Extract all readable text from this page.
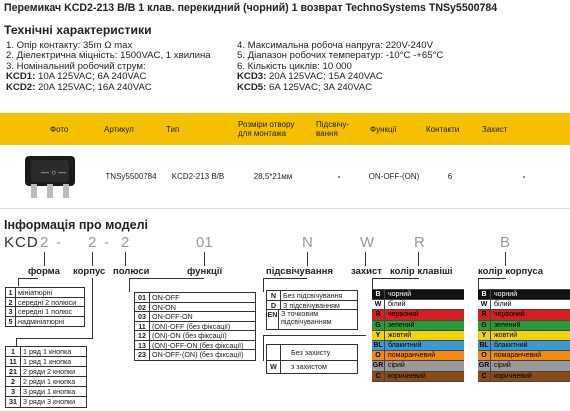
Перемикач KCD2-213 B/B 1 клав. перекидний (чорний) 1 возврат TechnoSystems TNSy5500784
Технічні характеристики
1. Опір контакту: 35m Ω max
2. Діелектрична міцність: 1500VAC, 1 хвилина
3. Номінальний робочий струм:
KCD1: 10A 125VAC; 6A 240VAC
KCD2: 20A 125VAC; 16A 240VAC
4. Максимальна робоча напруга: 220V-240V
5. Діапазон робочих температур: -10°C -+65°C
6. Кількість циклів: 10 000
KCD3: 20A 125VAC; 15A 240VAC
KCD5: 6A 125VAC; 3A 240VAC
Фото	Артикул	Тип	Розміри отвору для монтажа	Підсвічу-вання	Функції	Контакти	Захист

— ○ —	TNSy5500784	KCD2-213 B/B	28,5*21мм	-	ON-OFF-(ON)	6	-
Інформація про моделі
KCD 2 - 2 - 2	01	N	W	R	B
форма корпус полюси	функції	підсвічування захист колір клавіші	колір корпуса
1 мініатюрні
2 середні 2 полюси
3 середні 1 полюс
5 надмініатюрні
01 ON-OFF
02 ON-ON
03 ON-OFF-ON
11 (ON)-OFF (без фіксації)
12 (ON)-ON (без фіксації)
13 (ON)-OFF-ON (без фіксації)
23 ON-OFF-(ON) (без фіксації)
N Без підсвічування
D З підсвічуванням
EN З точковим підсвічуванням
Без захисту
W	з захистом
1	1 ряд 1 кнопка
11 1 ряд 1 кнопка
21 2 ряди 2 кнопки
2	2 ряди 1 кнопка
3	3 ряди 1 кнопка
31 3 ряди 3 кнопки
B	чорний
W білий
R	червоний
G	зелений
Y	жовтий
BL блакитний
O	помаранчевий
GR сірий
C	коричневий
B	чорний
W білий
R	червоний
G	зелений
Y	жовтий
BL блакитний
O	помаранчевий
GR сірий
C	коричневий
